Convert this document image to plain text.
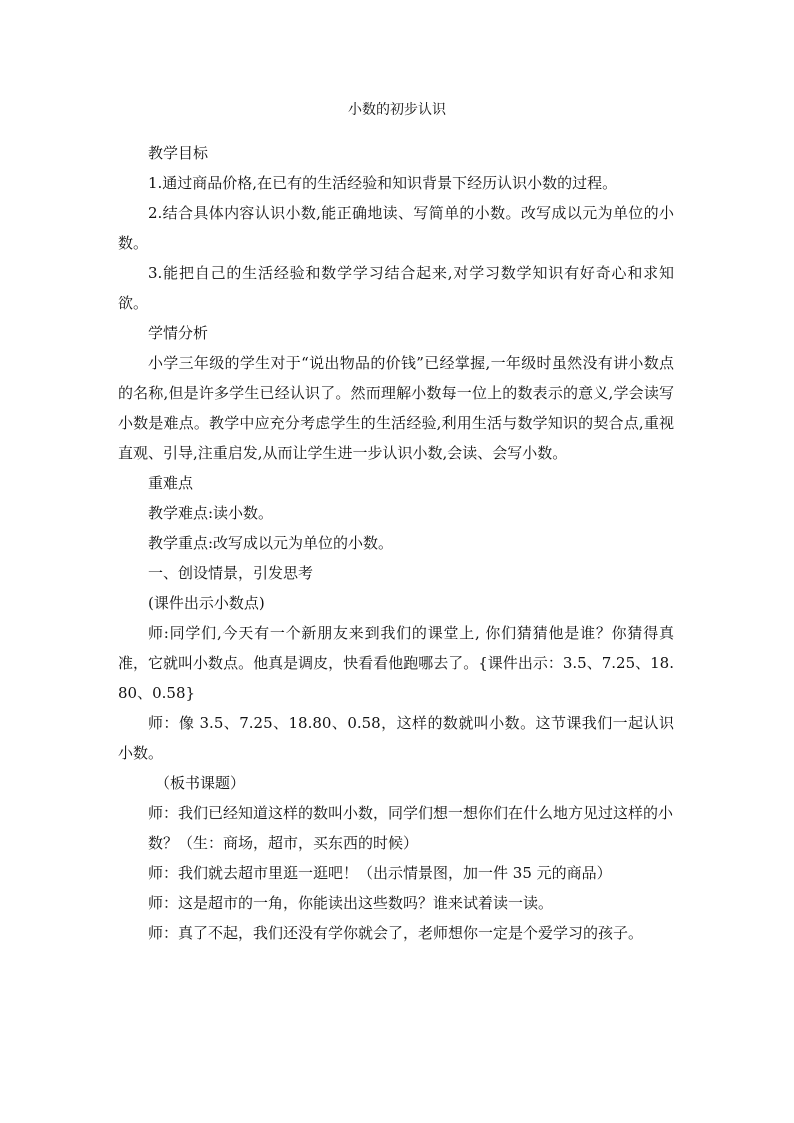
小数的初步认识

教学目标

1.通过商品价格,在已有的生活经验和知识背景下经历认识小数的过程。

2.结合具体内容认识小数,能正确地读、写简单的小数。改写成以元为单位的小数。

3.能把自己的生活经验和数学学习结合起来,对学习数学知识有好奇心和求知欲。

学情分析

小学三年级的学生对于“说出物品的价钱”已经掌握,一年级时虽然没有讲小数点的名称,但是许多学生已经认识了。然而理解小数每一位上的数表示的意义,学会读写小数是难点。教学中应充分考虑学生的生活经验,利用生活与数学知识的契合点,重视直观、引导,注重启发,从而让学生进一步认识小数,会读、会写小数。

重难点

教学难点:读小数。

教学重点:改写成以元为单位的小数。

一、创设情景，引发思考

(课件出示小数点)

师:同学们,今天有一个新朋友来到我们的课堂上, 你们猜猜他是谁？你猜得真准，它就叫小数点。他真是调皮，快看看他跑哪去了。{课件出示：3.5、7.25、18.80、0.58}

师：像 3.5、7.25、18.80、0.58，这样的数就叫小数。这节课我们一起认识小数。

（板书课题）

师：我们已经知道这样的数叫小数，同学们想一想你们在什么地方见过这样的小

数？（生：商场，超市，买东西的时候）

师：我们就去超市里逛一逛吧！（出示情景图，加一件 35 元的商品）

师：这是超市的一角，你能读出这些数吗？谁来试着读一读。

师：真了不起，我们还没有学你就会了，老师想你一定是个爱学习的孩子。
